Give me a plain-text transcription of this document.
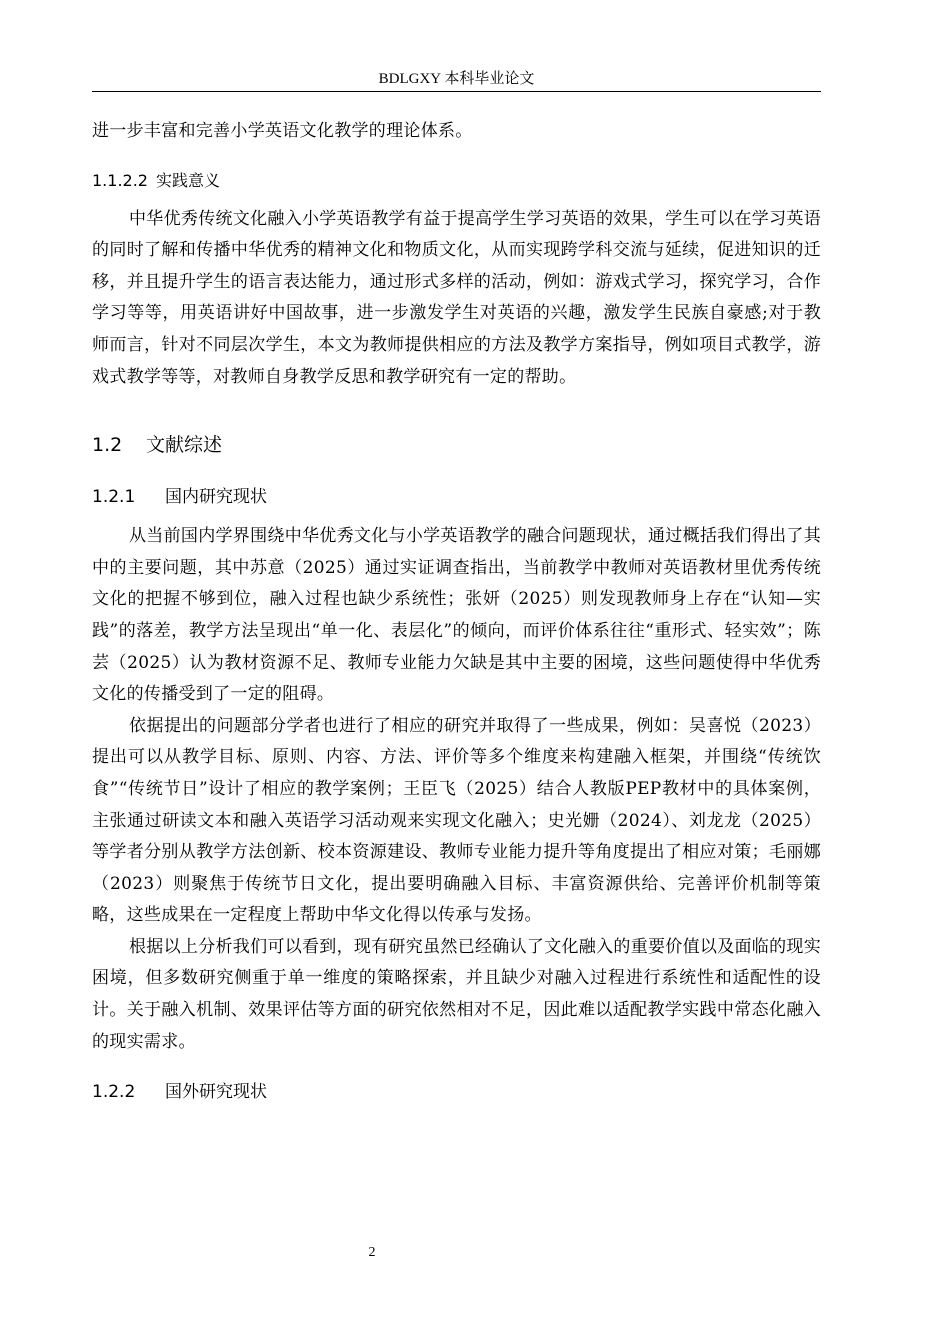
BDLGXY 本科毕业论文

进一步丰富和完善小学英语文化教学的理论体系。

1.1.2.2 实践意义

中华优秀传统文化融入小学英语教学有益于提高学生学习英语的效果，学生可以在学习英语的同时了解和传播中华优秀的精神文化和物质文化，从而实现跨学科交流与延续，促进知识的迁移，并且提升学生的语言表达能力，通过形式多样的活动，例如：游戏式学习，探究学习，合作学习等等，用英语讲好中国故事，进一步激发学生对英语的兴趣，激发学生民族自豪感;对于教师而言，针对不同层次学生，本文为教师提供相应的方法及教学方案指导，例如项目式教学，游戏式教学等等，对教师自身教学反思和教学研究有一定的帮助。

1.2 文献综述
1.2.1 国内研究现状

从当前国内学界围绕中华优秀文化与小学英语教学的融合问题现状，通过概括我们得出了其中的主要问题，其中苏意（2025）通过实证调查指出，当前教学中教师对英语教材里优秀传统文化的把握不够到位，融入过程也缺少系统性；张妍（2025）则发现教师身上存在“认知—实践”的落差，教学方法呈现出“单一化、表层化”的倾向，而评价体系往往“重形式、轻实效”；陈芸（2025）认为教材资源不足、教师专业能力欠缺是其中主要的困境，这些问题使得中华优秀文化的传播受到了一定的阻碍。

依据提出的问题部分学者也进行了相应的研究并取得了一些成果，例如：吴喜悦（2023）提出可以从教学目标、原则、内容、方法、评价等多个维度来构建融入框架，并围绕“传统饮食”“传统节日”设计了相应的教学案例；王臣飞（2025）结合人教版PEP教材中的具体案例，主张通过研读文本和融入英语学习活动观来实现文化融入；史光姗（2024）、刘龙龙（2025）等学者分别从教学方法创新、校本资源建设、教师专业能力提升等角度提出了相应对策；毛丽娜（2023）则聚焦于传统节日文化，提出要明确融入目标、丰富资源供给、完善评价机制等策略，这些成果在一定程度上帮助中华文化得以传承与发扬。

根据以上分析我们可以看到，现有研究虽然已经确认了文化融入的重要价值以及面临的现实困境，但多数研究侧重于单一维度的策略探索，并且缺少对融入过程进行系统性和适配性的设计。关于融入机制、效果评估等方面的研究依然相对不足，因此难以适配教学实践中常态化融入的现实需求。

1.2.2 国外研究现状
2
